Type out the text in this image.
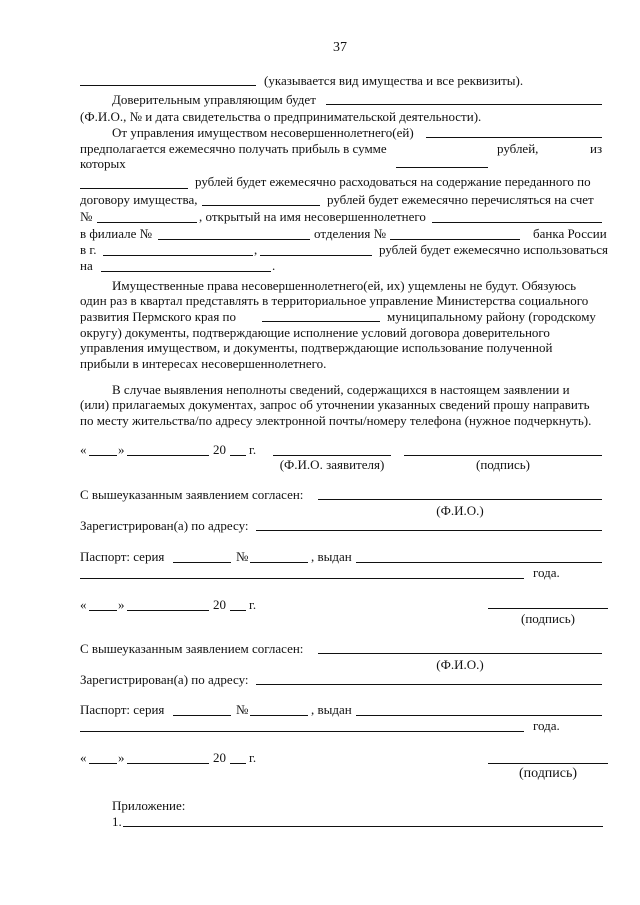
37
(указывается вид имущества и все реквизиты).
Доверительным управляющим будет
(Ф.И.О., № и дата свидетельства о предпринимательской деятельности).
От управления имуществом несовершеннолетнего(ей)
предполагается ежемесячно получать прибыль в сумме	рублей,	из
которых
рублей будет ежемесячно расходоваться на содержание переданного по
договору имущества,	рублей будет ежемесячно перечисляться на счет
№	, открытый на имя несовершеннолетнего
в филиале №	отделения №	банка России
в г.	,	рублей будет ежемесячно использоваться
на	.
Имущественные права несовершеннолетнего(ей, их) ущемлены не будут. Обязуюсь
один раз в квартал представлять в территориальное управление Министерства социального
развития Пермского края по	муниципальному району (городскому
округу) документы, подтверждающие исполнение условий договора доверительного
управления имуществом, и документы, подтверждающие использование полученной
прибыли в интересах несовершеннолетнего.
В случае выявления неполноты сведений, содержащихся в настоящем заявлении и
(или) прилагаемых документах, запрос об уточнении указанных сведений прошу направить
по месту жительства/по адресу электронной почты/номеру телефона (нужное подчеркнуть).
« »	20 г.
(Ф.И.О. заявителя)	(подпись)
С вышеуказанным заявлением согласен:
(Ф.И.О.)
Зарегистрирован(а) по адресу:
Паспорт: серия	№	, выдан
года.
« »	20 г.
(подпись)
С вышеуказанным заявлением согласен:
(Ф.И.О.)
Зарегистрирован(а) по адресу:
Паспорт: серия	№	, выдан
года.
« »	20 г.
(подпись)
Приложение:
1.
